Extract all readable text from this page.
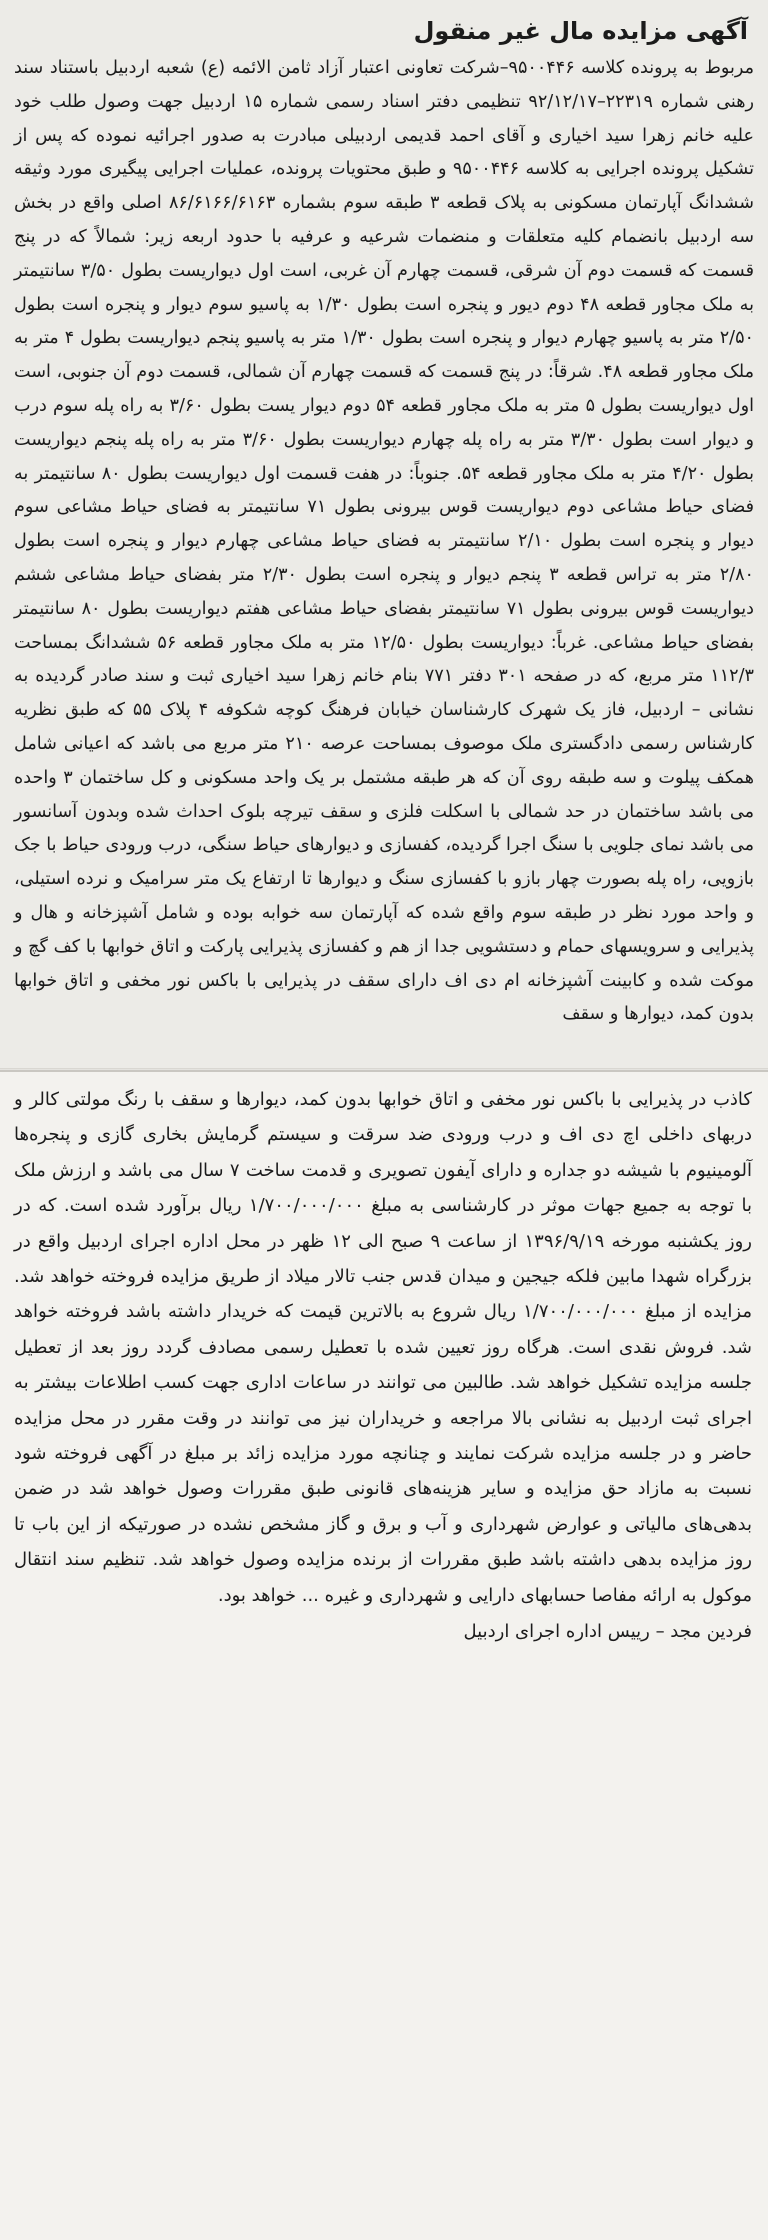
آگهی مزایده مال غیر منقول

مربوط به پرونده کلاسه ۹۵۰۰۴۴۶–شرکت تعاونی اعتبار آزاد ثامن الائمه (ع) شعبه اردبیل باستناد سند رهنی شماره ۲۲۳۱۹–۹۲/۱۲/۱۷ تنظیمی دفتر اسناد رسمی شماره ۱۵ اردبیل جهت وصول طلب خود علیه خانم زهرا سید اخیاری و آقای احمد قدیمی اردبیلی مبادرت به صدور اجرائیه نموده که پس از تشکیل پرونده اجرایی به کلاسه ۹۵۰۰۴۴۶ و طبق محتویات پرونده، عملیات اجرایی پیگیری مورد وثیقه ششدانگ آپارتمان مسکونی به پلاک قطعه ۳ طبقه سوم بشماره ۸۶/۶۱۶۶/۶۱۶۳ اصلی واقع در بخش سه اردبیل بانضمام کلیه متعلقات و منضمات شرعیه و عرفیه با حدود اربعه زیر: شمالاً که در پنج قسمت که قسمت دوم آن شرقی، قسمت چهارم آن غربی، است اول دیواریست بطول ۳/۵۰ سانتیمتر به ملک مجاور قطعه ۴۸ دوم دیور و پنجره است بطول ۱/۳۰ به پاسیو سوم دیوار و پنجره است بطول ۲/۵۰ متر به پاسیو چهارم دیوار و پنجره است بطول ۱/۳۰ متر به پاسیو پنجم دیواریست بطول ۴ متر به ملک مجاور قطعه ۴۸. شرقاً: در پنج قسمت که قسمت چهارم آن شمالی، قسمت دوم آن جنوبی، است اول دیواریست بطول ۵ متر به ملک مجاور قطعه ۵۴ دوم دیوار یست بطول ۳/۶۰ به راه پله سوم درب و دیوار است بطول ۳/۳۰ متر به راه پله چهارم دیواریست بطول ۳/۶۰ متر به راه پله پنجم دیواریست بطول ۴/۲۰ متر به ملک مجاور قطعه ۵۴. جنوباً: در هفت قسمت اول دیواریست بطول ۸۰ سانتیمتر به فضای حیاط مشاعی دوم دیواریست قوس بیرونی بطول ۷۱ سانتیمتر به فضای حیاط مشاعی سوم دیوار و پنجره است بطول ۲/۱۰ سانتیمتر به فضای حیاط مشاعی چهارم دیوار و پنجره است بطول ۲/۸۰ متر به تراس قطعه ۳ پنجم دیوار و پنجره است بطول ۲/۳۰ متر بفضای حیاط مشاعی ششم دیواریست قوس بیرونی بطول ۷۱ سانتیمتر بفضای حیاط مشاعی هفتم دیواریست بطول ۸۰ سانتیمتر بفضای حیاط مشاعی. غرباً: دیواریست بطول ۱۲/۵۰ متر به ملک مجاور قطعه ۵۶ ششدانگ بمساحت ۱۱۲/۳ متر مربع، که در صفحه ۳۰۱ دفتر ۷۷۱ بنام خانم زهرا سید اخیاری ثبت و سند صادر گردیده به نشانی – اردبیل، فاز یک شهرک کارشناسان خیابان فرهنگ کوچه شکوفه ۴ پلاک ۵۵ که طبق نظریه کارشناس رسمی دادگستری ملک موصوف بمساحت عرصه ۲۱۰ متر مربع می باشد که اعیانی شامل همکف پیلوت و سه طبقه روی آن که هر طبقه مشتمل بر یک واحد مسکونی و کل ساختمان ۳ واحده می باشد ساختمان در حد شمالی با اسکلت فلزی و سقف تیرچه بلوک احداث شده وبدون آسانسور می باشد نمای جلویی با سنگ اجرا گردیده، کفسازی و دیوارهای حیاط سنگی، درب ورودی حیاط با جک بازویی، راه پله بصورت چهار بازو با کفسازی سنگ و دیوارها تا ارتفاع یک متر سرامیک و نرده استیلی، و واحد مورد نظر در طبقه سوم واقع شده که آپارتمان سه خوابه بوده و شامل آشپزخانه و هال و پذیرایی و سرویسهای حمام و دستشویی جدا از هم و کفسازی پذیرایی پارکت و اتاق خوابها با کف گچ و موکت شده و کابینت آشپزخانه ام دی اف دارای سقف در پذیرایی با باکس نور مخفی و اتاق خوابها بدون کمد، دیوارها و سقف

کاذب در پذیرایی با باکس نور مخفی و اتاق خوابها بدون کمد، دیوارها و سقف با رنگ مولتی کالر و دربهای داخلی اچ دی اف و درب ورودی ضد سرقت و سیستم گرمایش بخاری گازی و پنجره‌ها آلومینیوم با شیشه دو جداره و دارای آیفون تصویری و قدمت ساخت ۷ سال می باشد و ارزش ملک با توجه به جمیع جهات موثر در کارشناسی به مبلغ ۱/۷۰۰/۰۰۰/۰۰۰ ریال برآورد شده است. که در روز یکشنبه مورخه ۱۳۹۶/۹/۱۹ از ساعت ۹ صبح الی ۱۲ ظهر در محل اداره اجرای اردبیل واقع در بزرگراه شهدا مابین فلکه جیجین و میدان قدس جنب تالار میلاد از طریق مزایده فروخته خواهد شد. مزایده از مبلغ ۱/۷۰۰/۰۰۰/۰۰۰ ریال شروع به بالاترین قیمت که خریدار داشته باشد فروخته خواهد شد. فروش نقدی است. هرگاه روز تعیین شده با تعطیل رسمی مصادف گردد روز بعد از تعطیل جلسه مزایده تشکیل خواهد شد. طالبین می توانند در ساعات اداری جهت کسب اطلاعات بیشتر به اجرای ثبت اردبیل به نشانی بالا مراجعه و خریداران نیز می توانند در وقت مقرر در محل مزایده حاضر و در جلسه مزایده شرکت نمایند و چنانچه مورد مزایده زائد بر مبلغ در آگهی فروخته شود نسبت به مازاد حق مزایده و سایر هزینه‌های قانونی طبق مقررات وصول خواهد شد در ضمن بدهی‌های مالیاتی و عوارض شهرداری و آب و برق و گاز مشخص نشده در صورتیکه از این باب تا روز مزایده بدهی داشته باشد طبق مقررات از برنده مزایده وصول خواهد شد. تنظیم سند انتقال موکول به ارائه مفاصا حسابهای دارایی و شهرداری و غیره ... خواهد بود.

فردین مجد – رییس اداره اجرای اردبیل
